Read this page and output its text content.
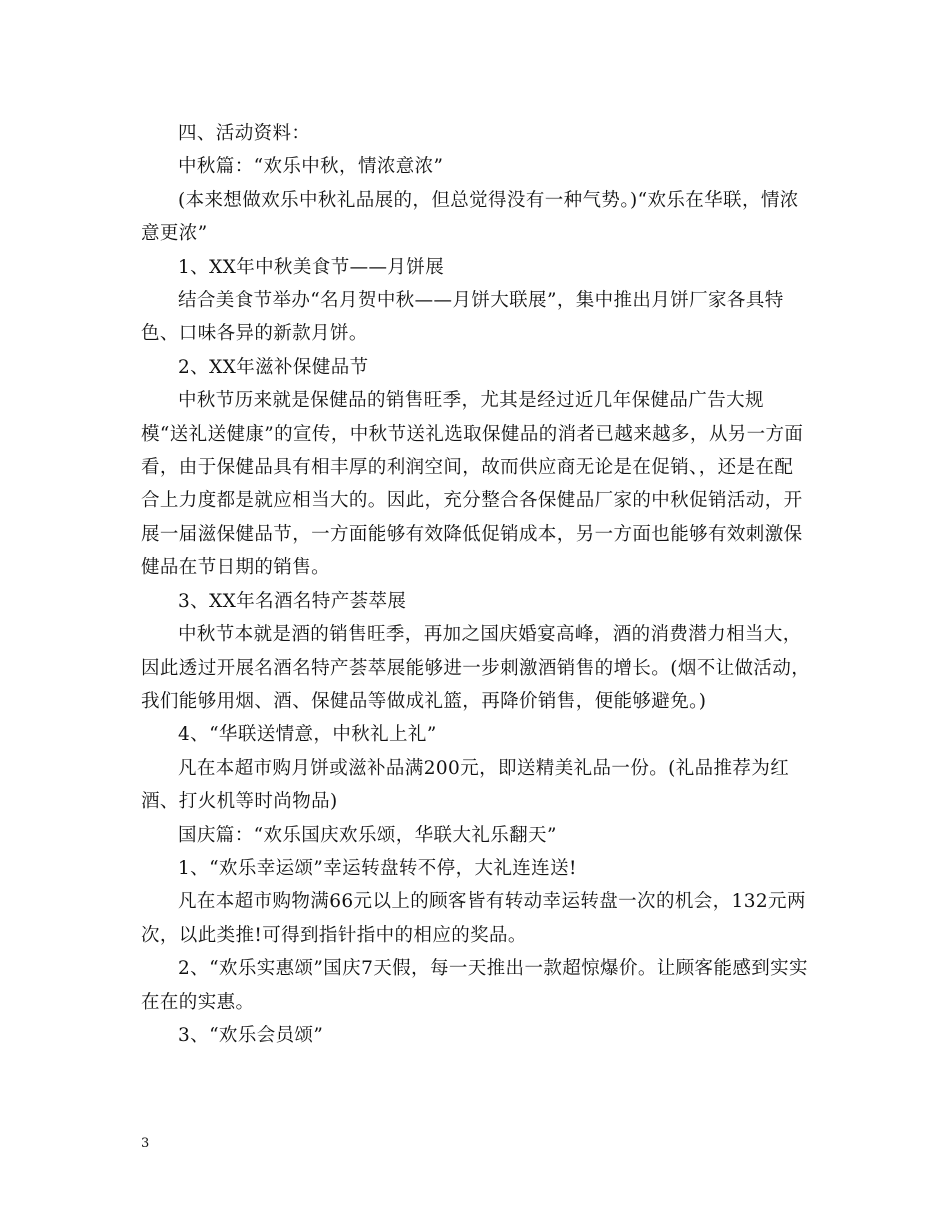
四、活动资料：

中秋篇：“欢乐中秋，情浓意浓”

(本来想做欢乐中秋礼品展的，但总觉得没有一种气势。)“欢乐在华联，情浓意更浓”

1、XX年中秋美食节——月饼展

结合美食节举办“名月贺中秋——月饼大联展”，集中推出月饼厂家各具特色、口味各异的新款月饼。

2、XX年滋补保健品节

中秋节历来就是保健品的销售旺季，尤其是经过近几年保健品广告大规模“送礼送健康”的宣传，中秋节送礼选取保健品的消者已越来越多，从另一方面看，由于保健品具有相丰厚的利润空间，故而供应商无论是在促销、，还是在配合上力度都是就应相当大的。因此，充分整合各保健品厂家的中秋促销活动，开展一届滋保健品节，一方面能够有效降低促销成本，另一方面也能够有效刺激保健品在节日期的销售。

3、XX年名酒名特产荟萃展

中秋节本就是酒的销售旺季，再加之国庆婚宴高峰，酒的消费潜力相当大，因此透过开展名酒名特产荟萃展能够进一步刺激酒销售的增长。(烟不让做活动，我们能够用烟、酒、保健品等做成礼篮，再降价销售，便能够避免。)

4、“华联送情意，中秋礼上礼”

凡在本超市购月饼或滋补品满200元，即送精美礼品一份。(礼品推荐为红酒、打火机等时尚物品)

国庆篇：“欢乐国庆欢乐颂，华联大礼乐翻天”

1、“欢乐幸运颂”幸运转盘转不停，大礼连连送!

凡在本超市购物满66元以上的顾客皆有转动幸运转盘一次的机会，132元两次，以此类推!可得到指针指中的相应的奖品。

2、“欢乐实惠颂”国庆7天假，每一天推出一款超惊爆价。让顾客能感到实实在在的实惠。

3、“欢乐会员颂”

3
